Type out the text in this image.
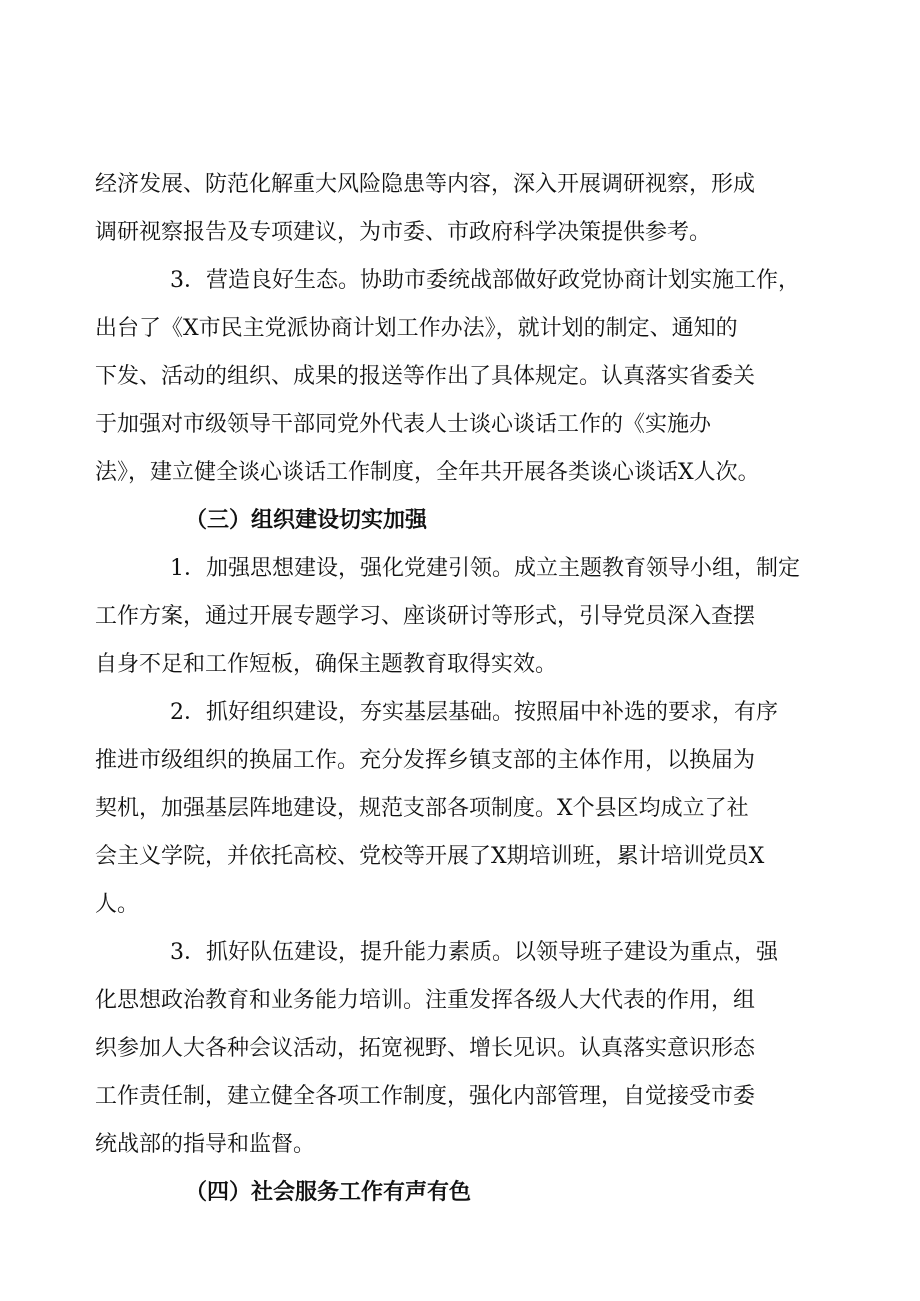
经济发展、防范化解重大风险隐患等内容，深入开展调研视察，形成
调研视察报告及专项建议，为市委、市政府科学决策提供参考。
3．营造良好生态。协助市委统战部做好政党协商计划实施工作，
出台了《X市民主党派协商计划工作办法》，就计划的制定、通知的
下发、活动的组织、成果的报送等作出了具体规定。认真落实省委关
于加强对市级领导干部同党外代表人士谈心谈话工作的《实施办
法》，建立健全谈心谈话工作制度，全年共开展各类谈心谈话X人次。
（三）组织建设切实加强
1．加强思想建设，强化党建引领。成立主题教育领导小组，制定
工作方案，通过开展专题学习、座谈研讨等形式，引导党员深入查摆
自身不足和工作短板，确保主题教育取得实效。
2．抓好组织建设，夯实基层基础。按照届中补选的要求，有序
推进市级组织的换届工作。充分发挥乡镇支部的主体作用，以换届为
契机，加强基层阵地建设，规范支部各项制度。X个县区均成立了社
会主义学院，并依托高校、党校等开展了X期培训班，累计培训党员X
人。
3．抓好队伍建设，提升能力素质。以领导班子建设为重点，强
化思想政治教育和业务能力培训。注重发挥各级人大代表的作用，组
织参加人大各种会议活动，拓宽视野、增长见识。认真落实意识形态
工作责任制，建立健全各项工作制度，强化内部管理，自觉接受市委
统战部的指导和监督。
（四）社会服务工作有声有色
